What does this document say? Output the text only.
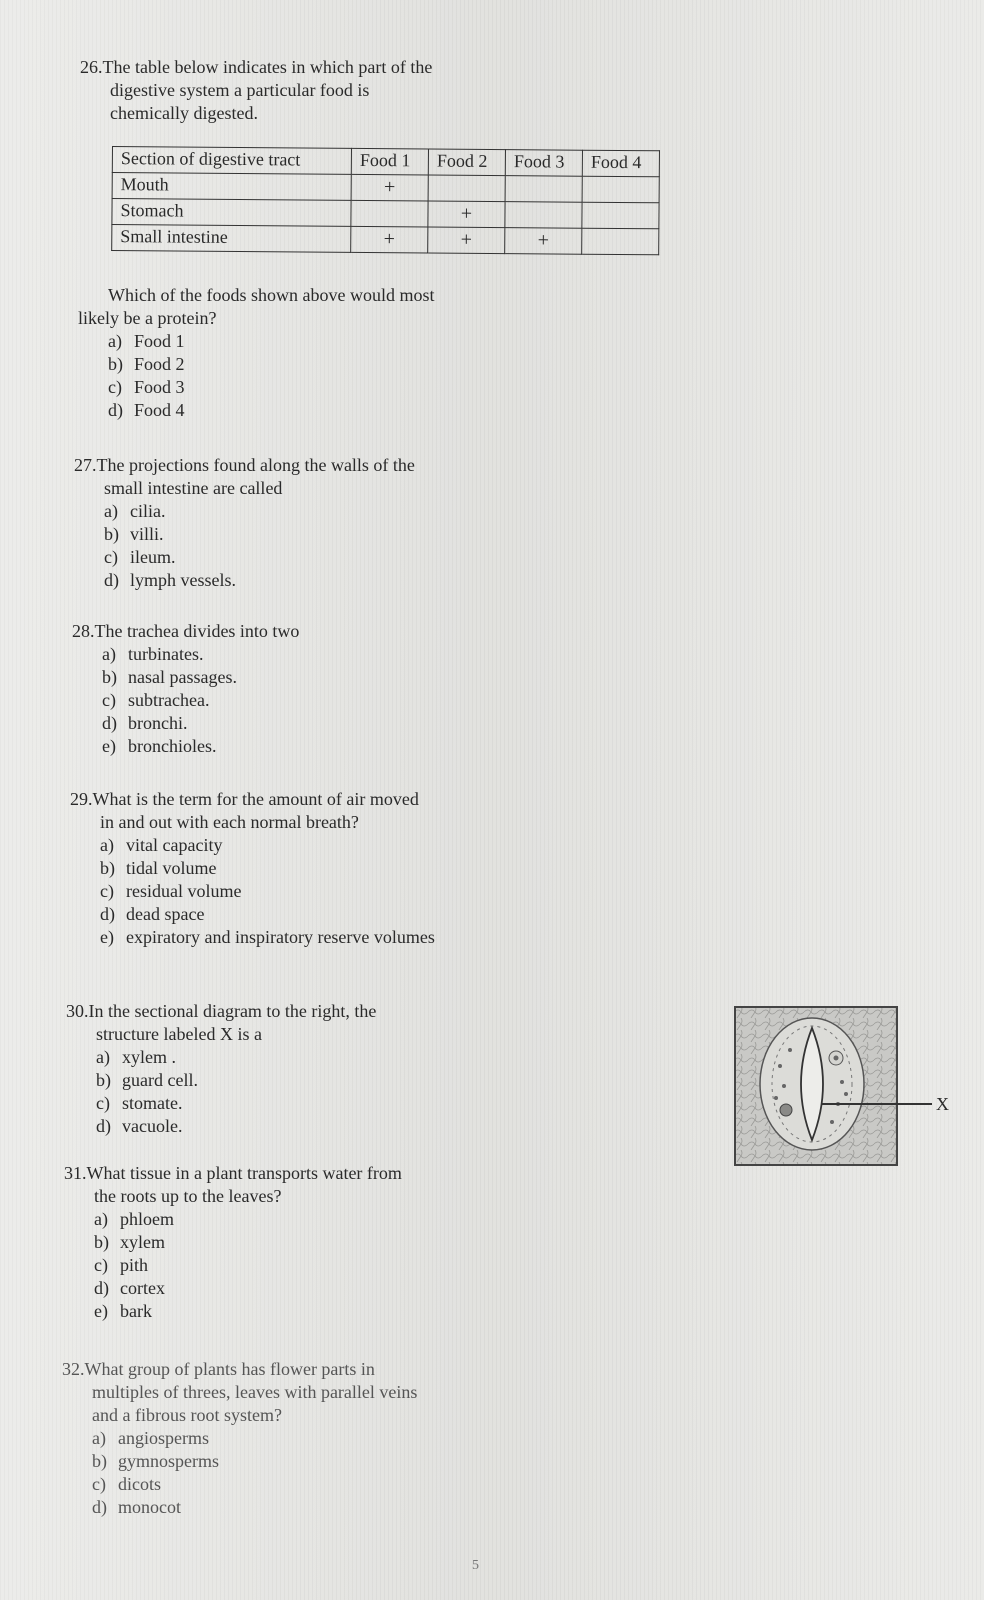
26.The table below indicates in which part of the

digestive system a particular food is

chemically digested.

Section of digestive tract	Food 1	Food 2	Food 3	Food 4
Mouth	+			
Stomach		+		
Small intestine	+	+	+	

Which of the foods shown above would most

likely be a protein?

a) Food 1
b) Food 2
c) Food 3
d) Food 4

27.The projections found along the walls of the

small intestine are called

a) cilia.
b) villi.
c) ileum.
d) lymph vessels.

28.The trachea divides into two

a) turbinates.
b) nasal passages.
c) subtrachea.
d) bronchi.
e) bronchioles.

29.What is the term for the amount of air moved

in and out with each normal breath?

a) vital capacity
b) tidal volume
c) residual volume
d) dead space
e) expiratory and inspiratory reserve volumes

30.In the sectional diagram to the right, the

structure labeled X is a

a) xylem .
b) guard cell.
c) stomate.
d) vacuole.
X

31.What tissue in a plant transports water from

the roots up to the leaves?

a) phloem
b) xylem
c) pith
d) cortex
e) bark

32.What group of plants has flower parts in

multiples of threes, leaves with parallel veins

and a fibrous root system?

a) angiosperms
b) gymnosperms
c) dicots
d) monocot
5
